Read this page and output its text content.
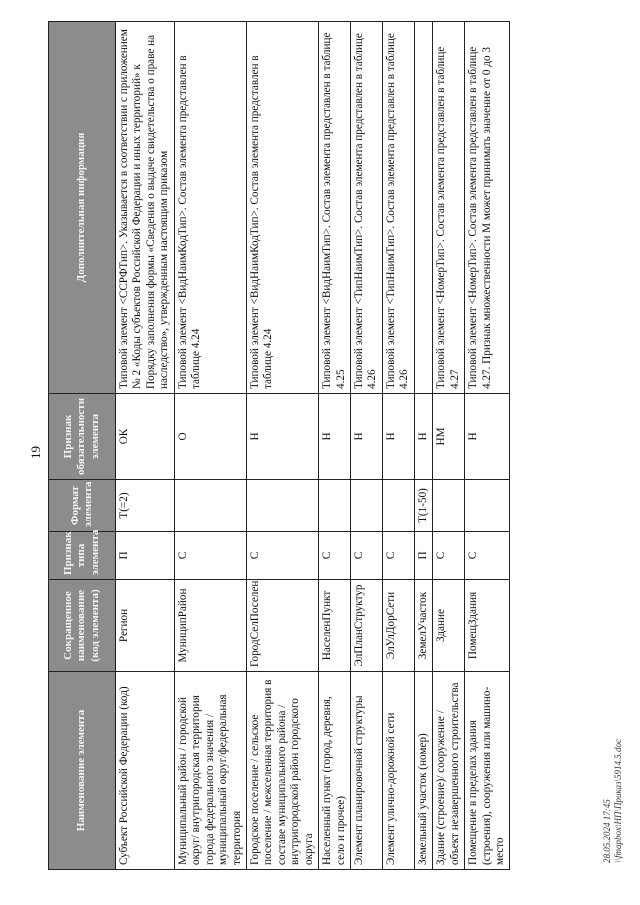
19
Наименование элемента	Сокращенное наименование (код элемента)	Признак типа элемента	Формат элемента	Признак обязательности элемента	Дополнительная информация
Субъект Российской Федерации (код)	Регион	П	T(=2)	ОК	Типовой элемент <ССРФТип>. Указывается в соответствии с приложением № 2 «Коды субъектов Российской Федерации и иных территорий» к Порядку заполнения формы «Сведения о выдаче свидетельства о праве на наследство», утвержденным настоящим приказом
Муниципальный район / городской округ/ внутригородская территория города федерального значения / муниципальный округ/федеральная территория	МуниципРайон	С		О	Типовой элемент <ВидНаимКодТип>. Состав элемента представлен в таблице 4.24
Городское поселение / сельское поселение / межселенная территория в составе муниципального района / внутригородской район городского округа	ГородСелПоселен	С		Н	Типовой элемент <ВидНаимКодТип>. Состав элемента представлен в таблице 4.24
Населенный пункт (город, деревня, село и прочее)	НаселенПункт	С		Н	Типовой элемент <ВидНаимТип>. Состав элемента представлен в таблице 4.25
Элемент планировочной структуры	ЭлПланСтруктур	С		Н	Типовой элемент <ТипНаимТип>. Состав элемента представлен в таблице 4.26
Элемент улично-дорожной сети	ЭлУлДорСети	С		Н	Типовой элемент <ТипНаимТип>. Состав элемента представлен в таблице 4.26
Земельный участок (номер)	ЗемелУчасток	П	T(1-50)	Н	
Здание (строение)/ сооружение / объект незавершенного строительства	Здание	С		НМ	Типовой элемент <НомерТип>. Состав элемента представлен в таблице 4.27
Помещение в пределах здания (строения), сооружения или машино-место	ПомещЗдания	С		Н	Типовой элемент <НомерТип>. Состав элемента представлен в таблице 4.27. Признак множественности М может принимать значение от 0 до 3
28.05.2024 17:45 \\fmapbox\НП\Приказ\5914.5.doc
